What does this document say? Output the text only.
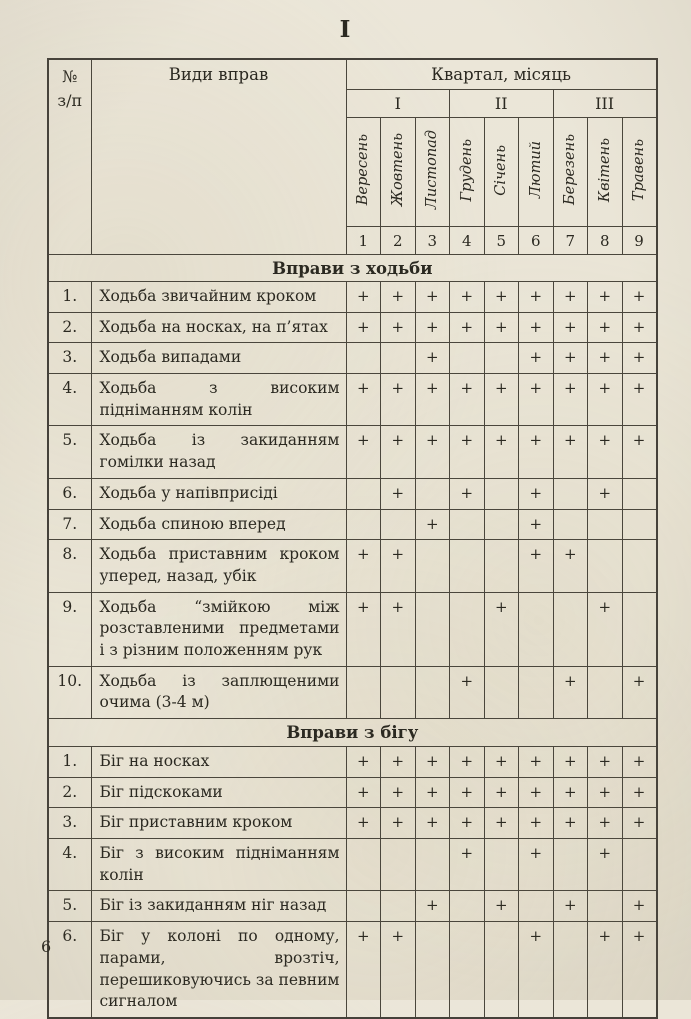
I
№
з/п	Види вправ	Квартал, місяць								
		I			II			III		
		Вересень	Жовтень	Листопад	Грудень	Січень	Лютий	Березень	Квітень	Травень
		1	2	3	4	5	6	7	8	9
Вправи з ходьби										
1.	Ходьба звичайним кроком	+	+	+	+	+	+	+	+	+
2.	Ходьба на носках, на п’ятах	+	+	+	+	+	+	+	+	+
3.	Ходьба випадами			+			+	+	+	+
4.	Ходьба з високим підніманням колін	+	+	+	+	+	+	+	+	+
5.	Ходьба із закиданням гомілки назад	+	+	+	+	+	+	+	+	+
6.	Ходьба у напівприсіді		+		+		+		+	
7.	Ходьба спиною вперед			+			+			
8.	Ходьба приставним кроком уперед, назад, убік	+	+				+	+		
9.	Ходьба “змійкою між розставленими предметами і з різним положенням рук	+	+			+			+	
10.	Ходьба із заплющеними очима (3-4 м)				+			+		+
Вправи з бігу										
1.	Біг на носках	+	+	+	+	+	+	+	+	+
2.	Біг підскоками	+	+	+	+	+	+	+	+	+
3.	Біг приставним кроком	+	+	+	+	+	+	+	+	+
4.	Біг з високим підніманням колін				+		+		+	
5.	Біг із закиданням ніг назад			+		+		+		+
6.	Біг у колоні по одному, парами, врозтіч, перешиковуючись за певним сигналом	+	+				+		+	+
6
